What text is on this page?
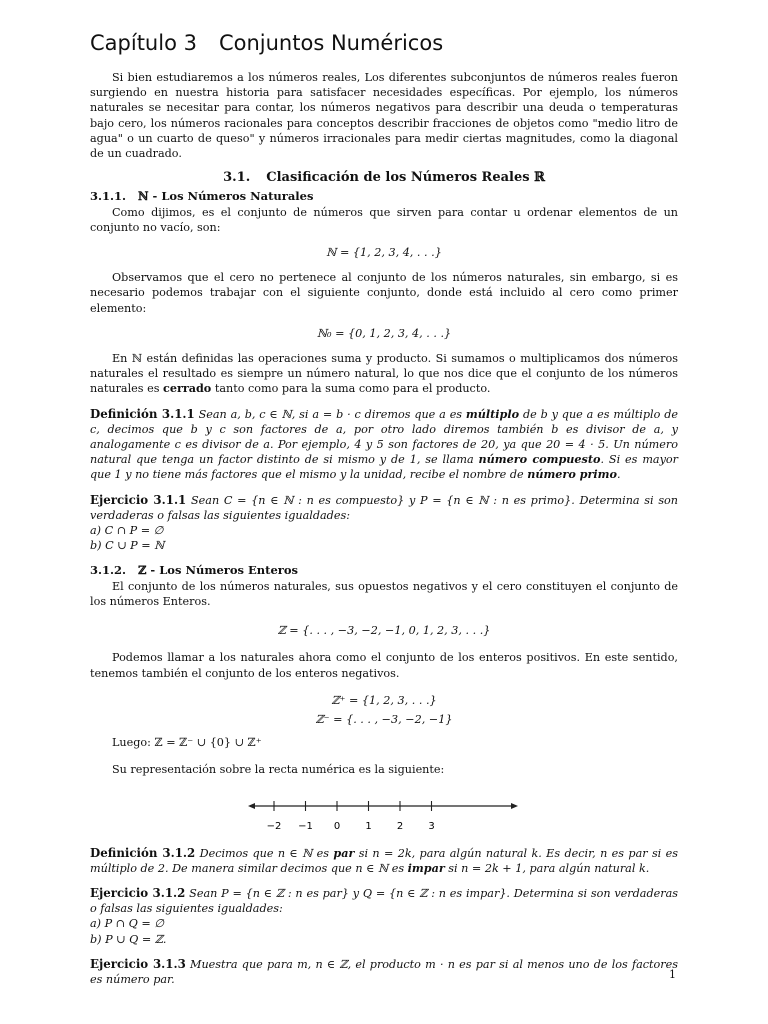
Capítulo 3 Conjuntos Numéricos

Si bien estudiaremos a los números reales, Los diferentes subconjuntos de números reales fueron surgiendo en nuestra historia para satisfacer necesidades específicas. Por ejemplo, los números naturales se necesitar para contar, los números negativos para describir una deuda o temperaturas bajo cero, los números racionales para conceptos describir fracciones de objetos como "medio litro de agua" o un cuarto de queso" y números irracionales para medir ciertas magnitudes, como la diagonal de un cuadrado.

3.1. Clasificación de los Números Reales ℝ
3.1.1. ℕ - Los Números Naturales

Como dijimos, es el conjunto de números que sirven para contar u ordenar elementos de un conjunto no vacío, son:

ℕ = {1, 2, 3, 4, . . .}

Observamos que el cero no pertenece al conjunto de los números naturales, sin embargo, si es necesario podemos trabajar con el siguiente conjunto, donde está incluido al cero como primer elemento:

ℕ₀ = {0, 1, 2, 3, 4, . . .}

En ℕ están definidas las operaciones suma y producto. Si sumamos o multiplicamos dos números naturales el resultado es siempre un número natural, lo que nos dice que el conjunto de los números naturales es cerrado tanto como para la suma como para el producto.

Definición 3.1.1 Sean a, b, c ∈ ℕ, si a = b · c diremos que a es múltiplo de b y que a es múltiplo de c, decimos que b y c son factores de a, por otro lado diremos también b es divisor de a, y analogamente c es divisor de a. Por ejemplo, 4 y 5 son factores de 20, ya que 20 = 4 · 5. Un número natural que tenga un factor distinto de si mismo y de 1, se llama número compuesto. Si es mayor que 1 y no tiene más factores que el mismo y la unidad, recibe el nombre de número primo.
Ejercicio 3.1.1 Sean C = {n ∈ ℕ : n es compuesto} y P = {n ∈ ℕ : n es primo}. Determina si son verdaderas o falsas las siguientes igualdades:
a) C ∩ P = ∅
b) C ∪ P = ℕ
3.1.2. ℤ - Los Números Enteros

El conjunto de los números naturales, sus opuestos negativos y el cero constituyen el conjunto de los números Enteros.

ℤ = {. . . , −3, −2, −1, 0, 1, 2, 3, . . .}

Podemos llamar a los naturales ahora como el conjunto de los enteros positivos. En este sentido, tenemos también el conjunto de los enteros negativos.

ℤ⁺ = {1, 2, 3, . . .}
ℤ⁻ = {. . . , −3, −2, −1}
Luego: ℤ = ℤ⁻ ∪ {0} ∪ ℤ⁺
Su representación sobre la recta numérica es la siguiente:
−2 −1 0	1	2	3
Definición 3.1.2 Decimos que n ∈ ℕ es par si n = 2k, para algún natural k. Es decir, n es par si es múltiplo de 2. De manera similar decimos que n ∈ ℕ es impar si n = 2k + 1, para algún natural k.
Ejercicio 3.1.2 Sean P = {n ∈ ℤ : n es par} y Q = {n ∈ ℤ : n es impar}. Determina si son verdaderas o falsas las siguientes igualdades:
a) P ∩ Q = ∅
b) P ∪ Q = ℤ.
Ejercicio 3.1.3 Muestra que para m, n ∈ ℤ, el producto m · n es par si al menos uno de los factores es número par.	1
